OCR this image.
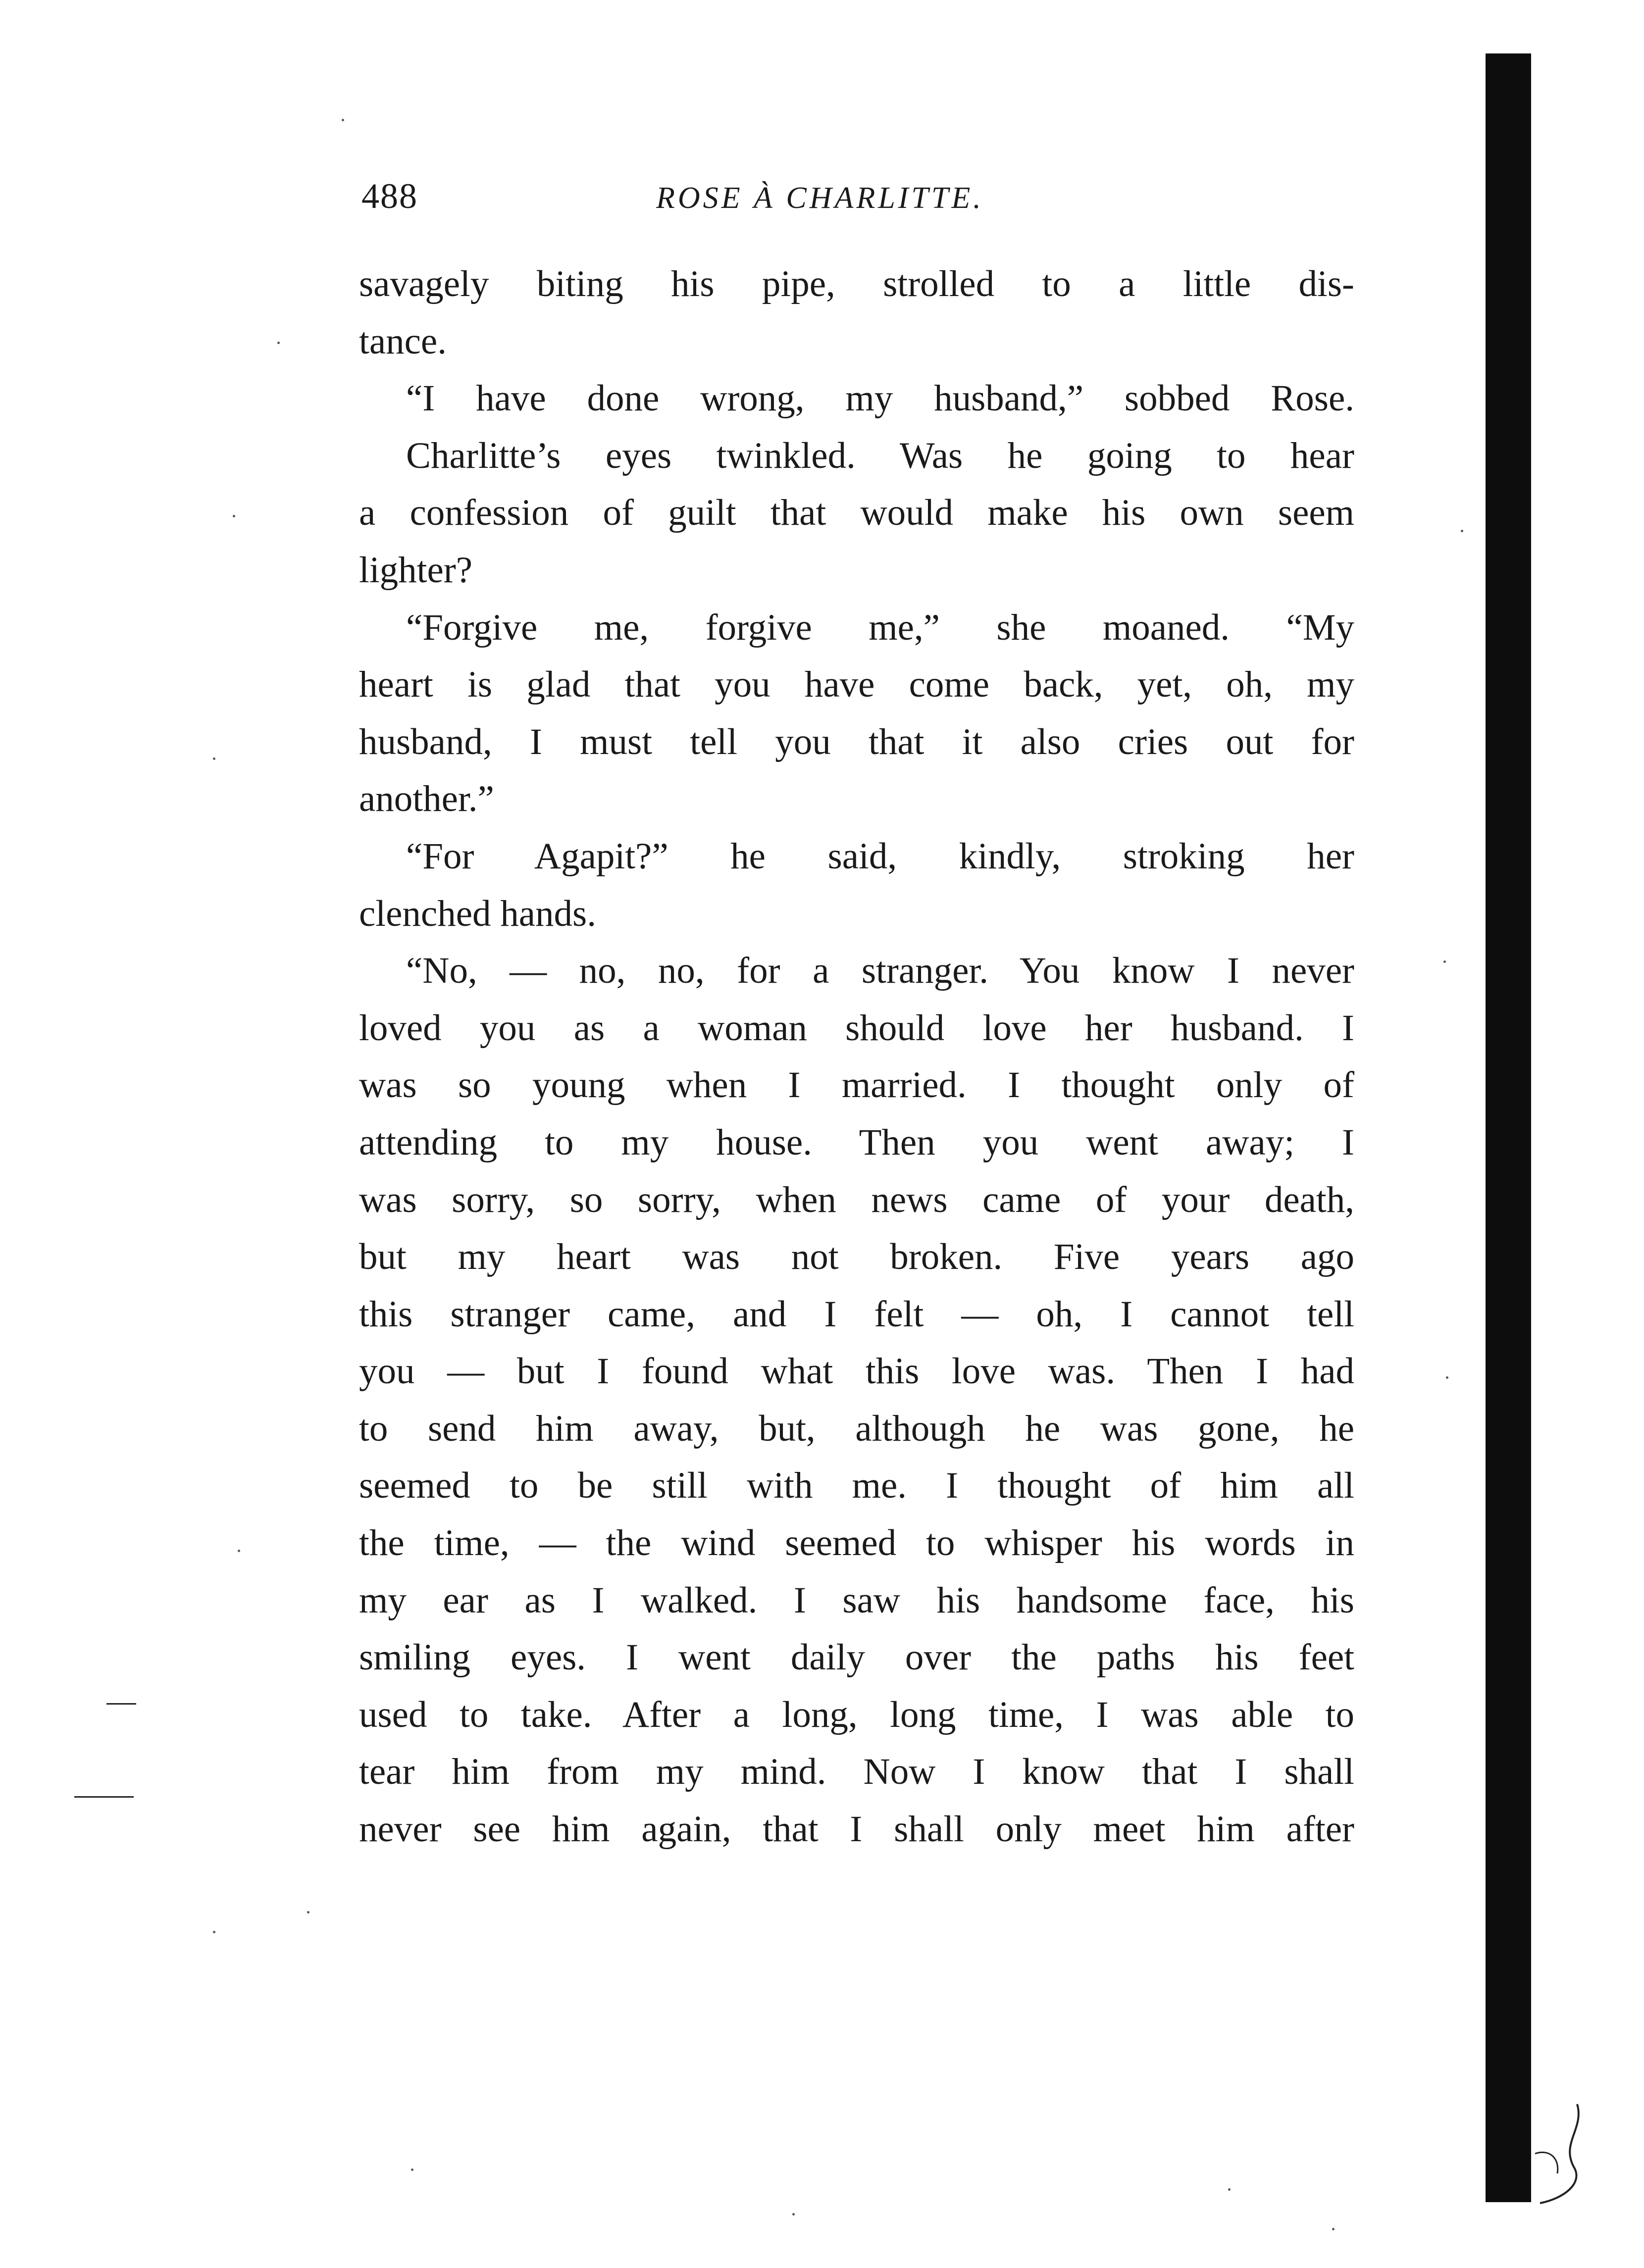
488	ROSE À CHARLITTE.
savagely biting his pipe, strolled to a little dis-
tance.
“I have done wrong, my husband,” sobbed Rose.
Charlitte’s eyes twinkled. Was he going to hear
a confession of guilt that would make his own seem
lighter?
“Forgive me, forgive me,” she moaned. “My
heart is glad that you have come back, yet, oh, my
husband, I must tell you that it also cries out for
another.”
“For Agapit?” he said, kindly, stroking her
clenched hands.
“No, — no, no, for a stranger. You know I never
loved you as a woman should love her husband. I
was so young when I married. I thought only of
attending to my house. Then you went away; I
was sorry, so sorry, when news came of your death,
but my heart was not broken. Five years ago
this stranger came, and I felt — oh, I cannot tell
you — but I found what this love was. Then I had
to send him away, but, although he was gone, he
seemed to be still with me. I thought of him all
the time, — the wind seemed to whisper his words in
my ear as I walked. I saw his handsome face, his
smiling eyes. I went daily over the paths his feet
used to take. After a long, long time, I was able to
tear him from my mind. Now I know that I shall
never see him again, that I shall only meet him after
